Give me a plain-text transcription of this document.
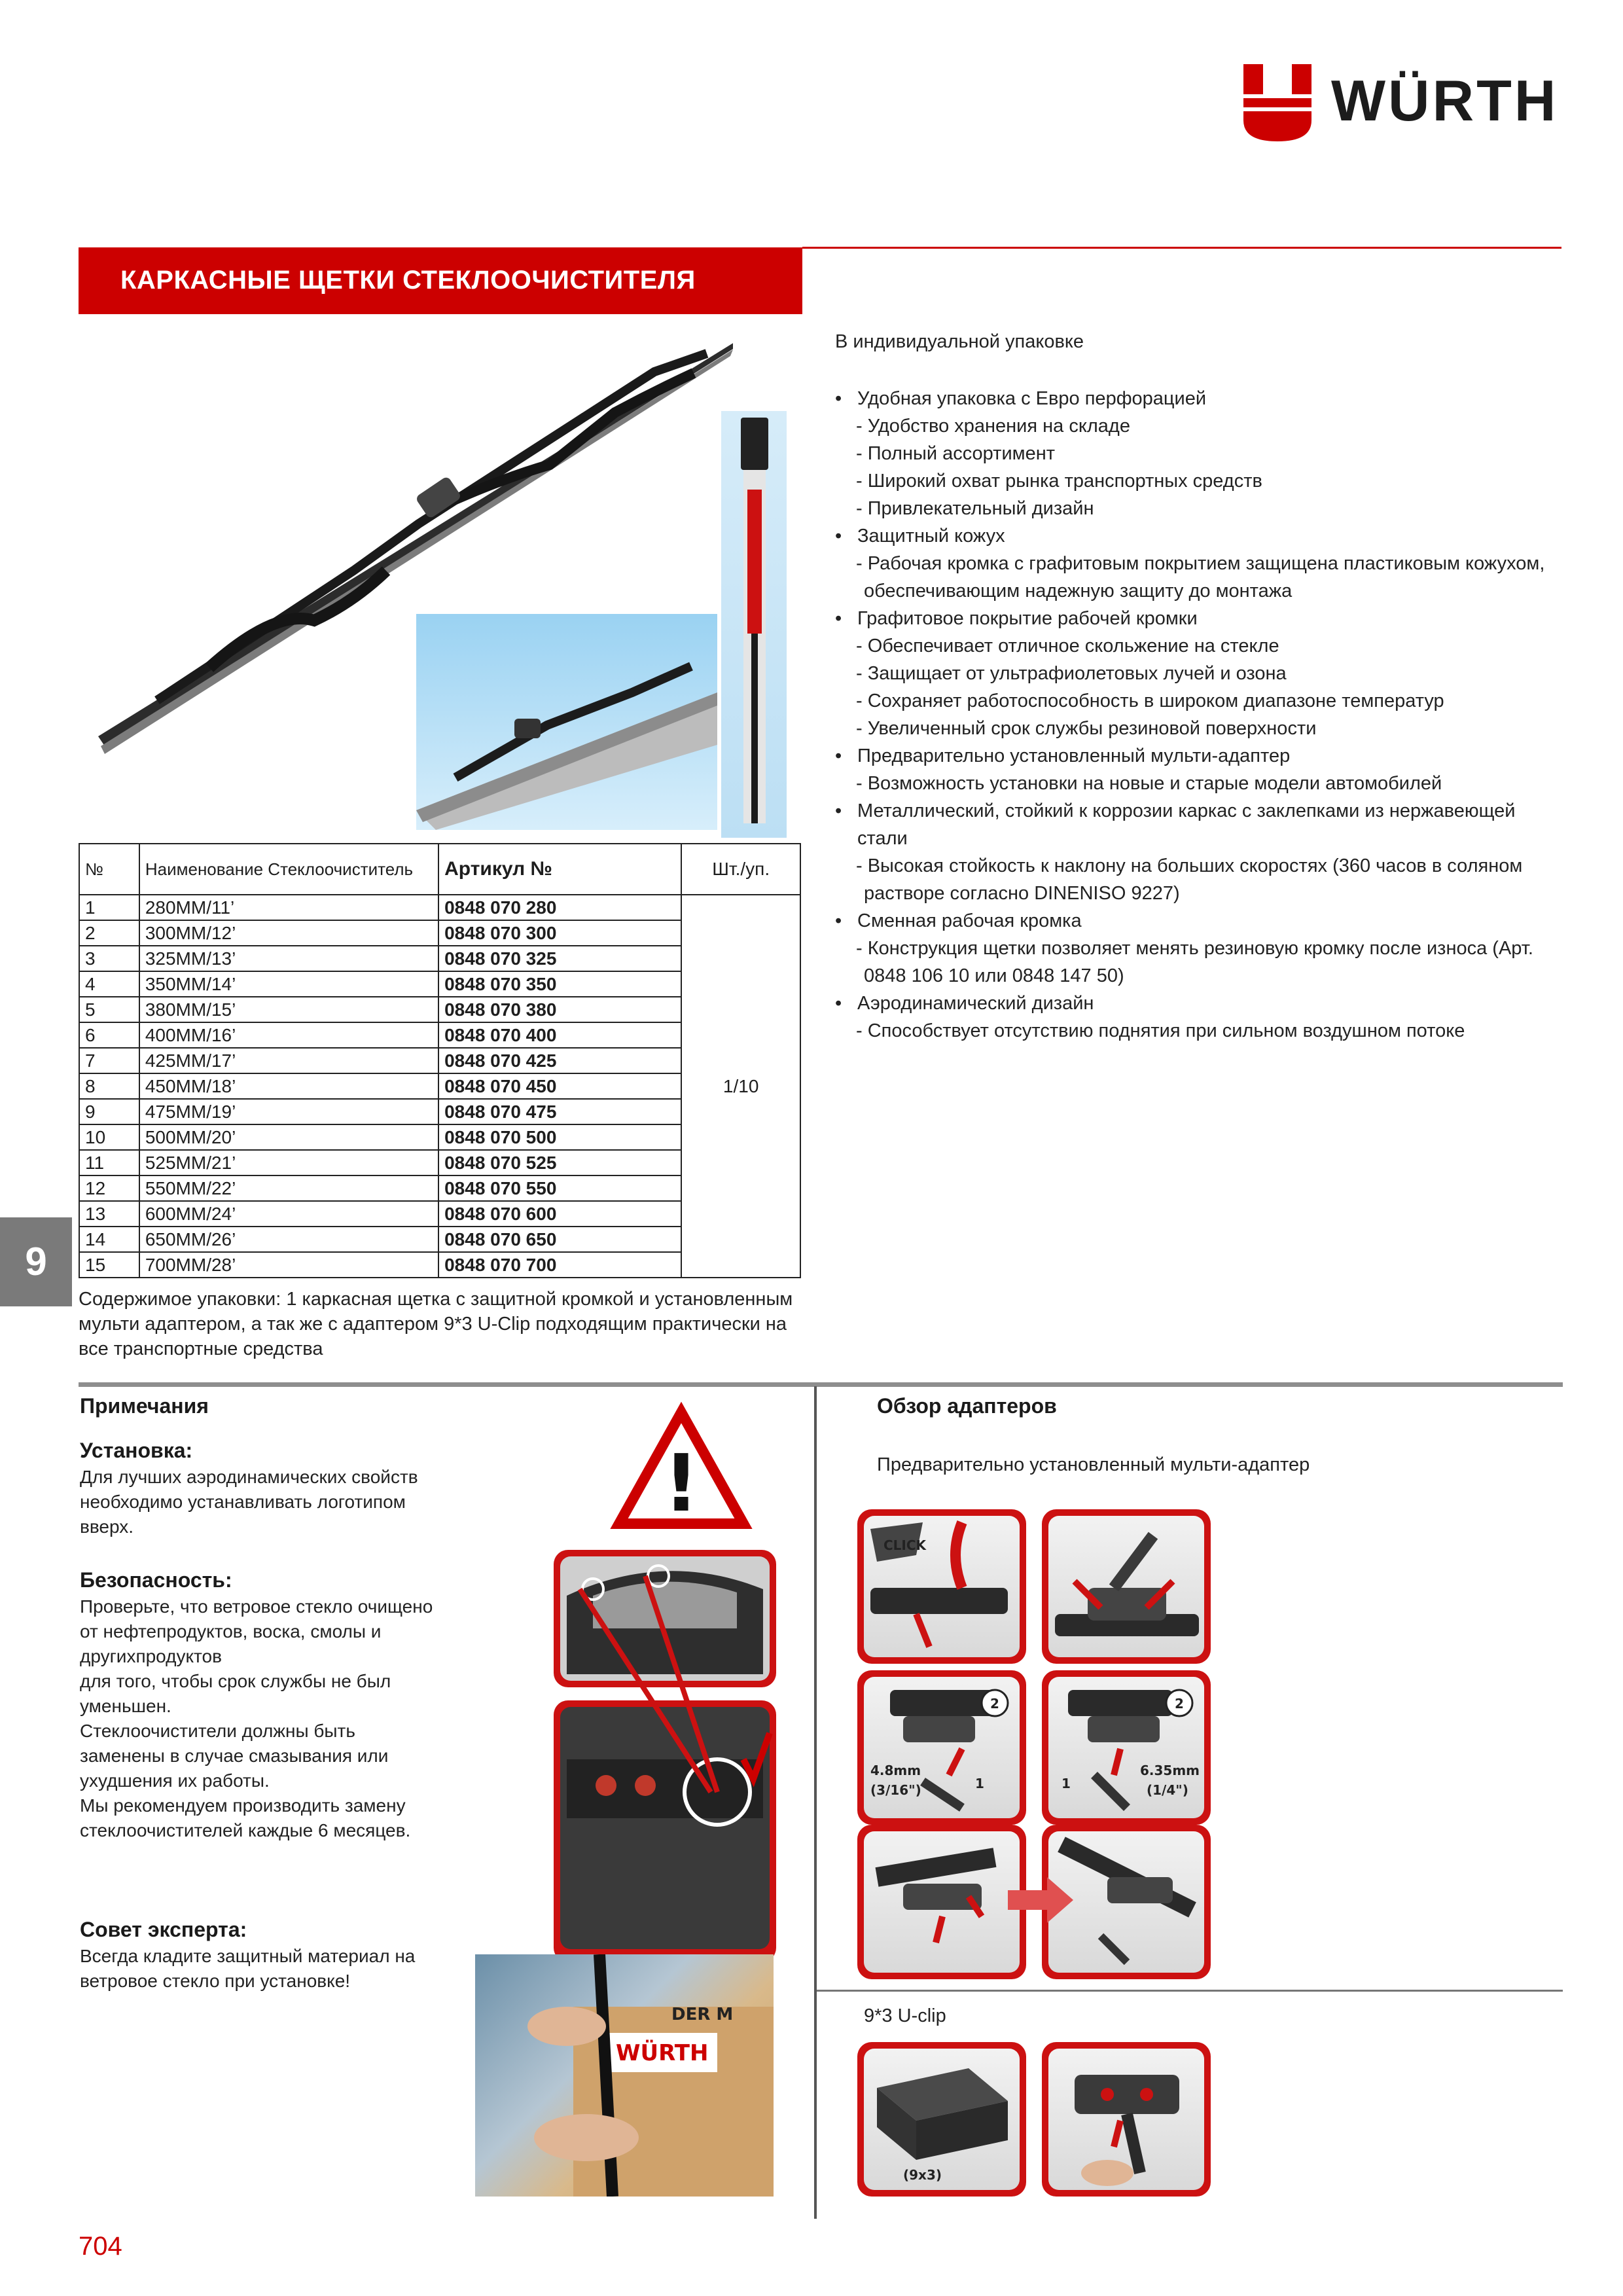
WÜRTH
КАРКАСНЫЕ ЩЕТКИ СТЕКЛООЧИСТИТЕЛЯ
№	Наименование Стеклоочиститель	Артикул №	Шт./уп.
1	280MM/11’	0848 070 280	1/10
2	300MM/12’	0848 070 300	
3	325MM/13’	0848 070 325	
4	350MM/14’	0848 070 350	
5	380MM/15’	0848 070 380	
6	400MM/16’	0848 070 400	
7	425MM/17’	0848 070 425	
8	450MM/18’	0848 070 450	
9	475MM/19’	0848 070 475	
10	500MM/20’	0848 070 500	
11	525MM/21’	0848 070 525	
12	550MM/22’	0848 070 550	
13	600MM/24’	0848 070 600	
14	650MM/26’	0848 070 650	
15	700MM/28’	0848 070 700	
Содержимое упаковки: 1 каркасная щетка с защитной кромкой и установленным мульти адаптером, а так же с адаптером 9*3 U-Clip подходящим практически на все транспортные средства
В индивидуальной упаковке
• Удобная упаковка с Евро перфорацией
- Удобство хранения на складе
- Полный ассортимент
- Широкий охват рынка транспортных средств
- Привлекательный дизайн
• Защитный кожух
- Рабочая кромка с графитовым покрытием защищена пластиковым кожухом, обеспечивающим надежную защиту до монтажа
• Графитовое покрытие рабочей кромки
- Обеспечивает отличное скольжение на стекле
- Защищает от ультрафиолетовых лучей и озона
- Сохраняет работоспособность в широком диапазоне температур
- Увеличенный срок службы резиновой поверхности
• Предварительно установленный мульти-адаптер
- Возможность установки на новые и старые модели автомобилей
• Металлический, стойкий к коррозии каркас с заклепками из нержавеющей стали
- Высокая стойкость к наклону на больших скоростях (360 часов в соляном растворе согласно DINENISO 9227)
• Сменная рабочая кромка
- Конструкция щетки позволяет менять резиновую кромку после износа (Арт. 0848 106 10 или 0848 147 50)
• Аэродинамический дизайн
- Способствует отсутствию поднятия при сильном воздушном потоке
9
Примечания
Установка:
Для лучших аэродинамических свойств необходимо устанавливать логотипом вверх.
Безопасность:
Проверьте, что ветровое стекло очищено
от нефтепродуктов, воска, смолы и
другихпродуктов
для того, чтобы срок службы не был
уменьшен.
Стеклоочистители должны быть
заменены в случае смазывания или
ухудшения их работы.
Мы рекомендуем производить замену
стеклоочистителей каждые 6 месяцев.
Совет эксперта:
Всегда кладите защитный материал на ветровое стекло при установке!
!
WÜRTH
DER M
Обзор адаптеров
Предварительно установленный мульти-адаптер
CLICK
2
1
4.8mm
(3/16")
2
1
6.35mm
(1/4")
9*3 U-clip
(9x3)
704
